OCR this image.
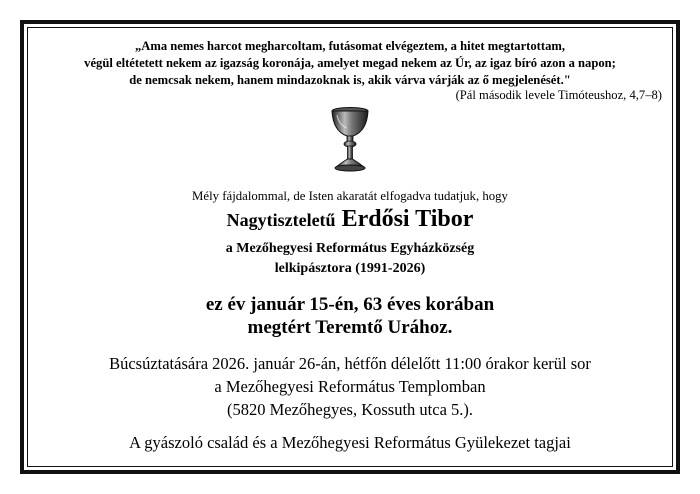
„Ama nemes harcot megharcoltam, futásomat elvégeztem, a hitet megtartottam,
végül eltétetett nekem az igazság koronája, amelyet megad nekem az Úr, az igaz bíró azon a napon;
de nemcsak nekem, hanem mindazoknak is, akik várva várják az ő megjelenését."
(Pál második levele Timóteushoz, 4,7–8)
Mély fájdalommal, de Isten akaratát elfogadva tudatjuk, hogy
Nagytiszteletű Erdősi Tibor
a Mezőhegyesi Református Egyházközség
lelkipásztora (1991-2026)
ez év január 15-én, 63 éves korában
megtért Teremtő Urához.
Búcsúztatására 2026. január 26-án, hétfőn délelőtt 11:00 órakor kerül sor
a Mezőhegyesi Református Templomban
(5820 Mezőhegyes, Kossuth utca 5.).
A gyászoló család és a Mezőhegyesi Református Gyülekezet tagjai
